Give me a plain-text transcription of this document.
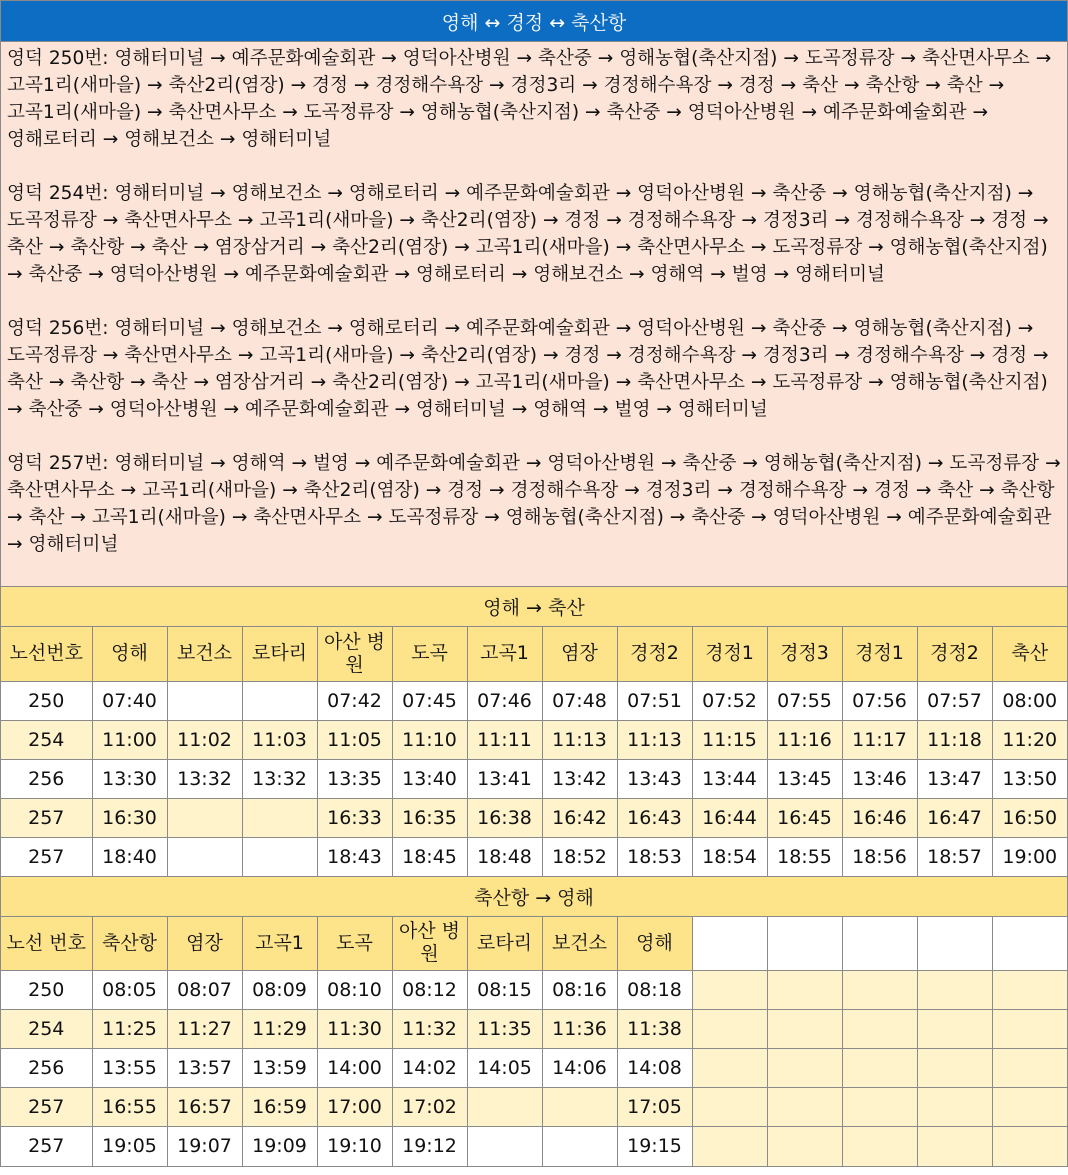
영해 ↔ 경정 ↔ 축산항
영덕 250번: 영해터미널 → 예주문화예술회관 → 영덕아산병원 → 축산중 → 영해농협(축산지점) → 도곡정류장 → 축산면사무소 → 고곡1리(새마을) → 축산2리(염장) → 경정 → 경정해수욕장 → 경정3리 → 경정해수욕장 → 경정 → 축산 → 축산항 → 축산 → 고곡1리(새마을) → 축산면사무소 → 도곡정류장 → 영해농협(축산지점) → 축산중 → 영덕아산병원 → 예주문화예술회관 → 영해로터리 → 영해보건소 → 영해터미널
영덕 254번: 영해터미널 → 영해보건소 → 영해로터리 → 예주문화예술회관 → 영덕아산병원 → 축산중 → 영해농협(축산지점) → 도곡정류장 → 축산면사무소 → 고곡1리(새마을) → 축산2리(염장) → 경정 → 경정해수욕장 → 경정3리 → 경정해수욕장 → 경정 → 축산 → 축산항 → 축산 → 염장삼거리 → 축산2리(염장) → 고곡1리(새마을) → 축산면사무소 → 도곡정류장 → 영해농협(축산지점) → 축산중 → 영덕아산병원 → 예주문화예술회관 → 영해로터리 → 영해보건소 → 영해역 → 벌영 → 영해터미널
영덕 256번: 영해터미널 → 영해보건소 → 영해로터리 → 예주문화예술회관 → 영덕아산병원 → 축산중 → 영해농협(축산지점) → 도곡정류장 → 축산면사무소 → 고곡1리(새마을) → 축산2리(염장) → 경정 → 경정해수욕장 → 경정3리 → 경정해수욕장 → 경정 → 축산 → 축산항 → 축산 → 염장삼거리 → 축산2리(염장) → 고곡1리(새마을) → 축산면사무소 → 도곡정류장 → 영해농협(축산지점) → 축산중 → 영덕아산병원 → 예주문화예술회관 → 영해터미널 → 영해역 → 벌영 → 영해터미널
영덕 257번: 영해터미널 → 영해역 → 벌영 → 예주문화예술회관 → 영덕아산병원 → 축산중 → 영해농협(축산지점) → 도곡정류장 → 축산면사무소 → 고곡1리(새마을) → 축산2리(염장) → 경정 → 경정해수욕장 → 경정3리 → 경정해수욕장 → 경정 → 축산 → 축산항 → 축산 → 고곡1리(새마을) → 축산면사무소 → 도곡정류장 → 영해농협(축산지점) → 축산중 → 영덕아산병원 → 예주문화예술회관 → 영해터미널
영해 → 축산
노선번호	영해	보건소	로타리	아산 병원	도곡	고곡1	염장	경정2	경정1	경정3	경정1	경정2	축산
250	07:40			07:42	07:45	07:46	07:48	07:51	07:52	07:55	07:56	07:57	08:00
254	11:00	11:02	11:03	11:05	11:10	11:11	11:13	11:13	11:15	11:16	11:17	11:18	11:20
256	13:30	13:32	13:32	13:35	13:40	13:41	13:42	13:43	13:44	13:45	13:46	13:47	13:50
257	16:30			16:33	16:35	16:38	16:42	16:43	16:44	16:45	16:46	16:47	16:50
257	18:40			18:43	18:45	18:48	18:52	18:53	18:54	18:55	18:56	18:57	19:00
축산항 → 영해
노선 번호	축산항	염장	고곡1	도곡	아산 병원	로타리	보건소	영해					
250	08:05	08:07	08:09	08:10	08:12	08:15	08:16	08:18					
254	11:25	11:27	11:29	11:30	11:32	11:35	11:36	11:38					
256	13:55	13:57	13:59	14:00	14:02	14:05	14:06	14:08					
257	16:55	16:57	16:59	17:00	17:02			17:05					
257	19:05	19:07	19:09	19:10	19:12			19:15					
